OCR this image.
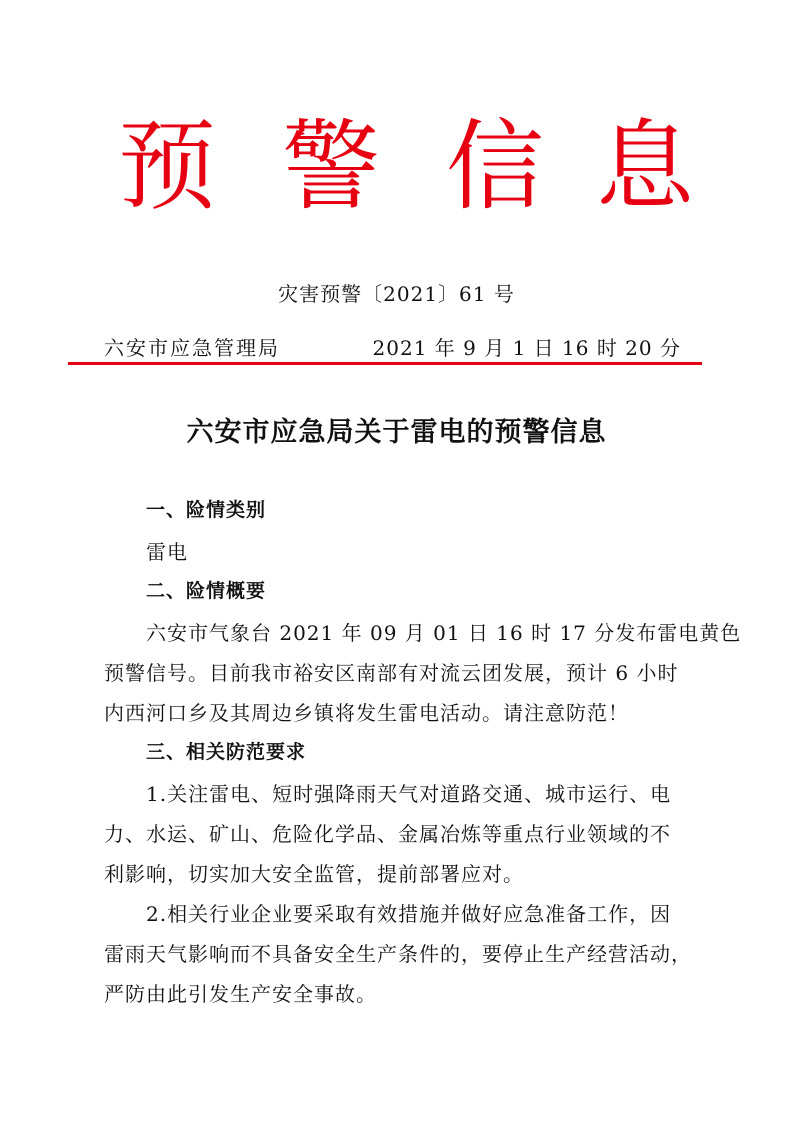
预 警 信 息
灾害预警〔2021〕61 号
六安市应急管理局	2021 年 9 月 1 日 16 时 20 分
六安市应急局关于雷电的预警信息
一、险情类别
雷电
二、险情概要
六安市气象台 2021 年 09 月 01 日 16 时 17 分发布雷电黄色
预警信号。目前我市裕安区南部有对流云团发展，预计 6 小时
内西河口乡及其周边乡镇将发生雷电活动。请注意防范！
三、相关防范要求
1.关注雷电、短时强降雨天气对道路交通、城市运行、电
力、水运、矿山、危险化学品、金属冶炼等重点行业领域的不
利影响，切实加大安全监管，提前部署应对。
2.相关行业企业要采取有效措施并做好应急准备工作，因
雷雨天气影响而不具备安全生产条件的，要停止生产经营活动，
严防由此引发生产安全事故。
